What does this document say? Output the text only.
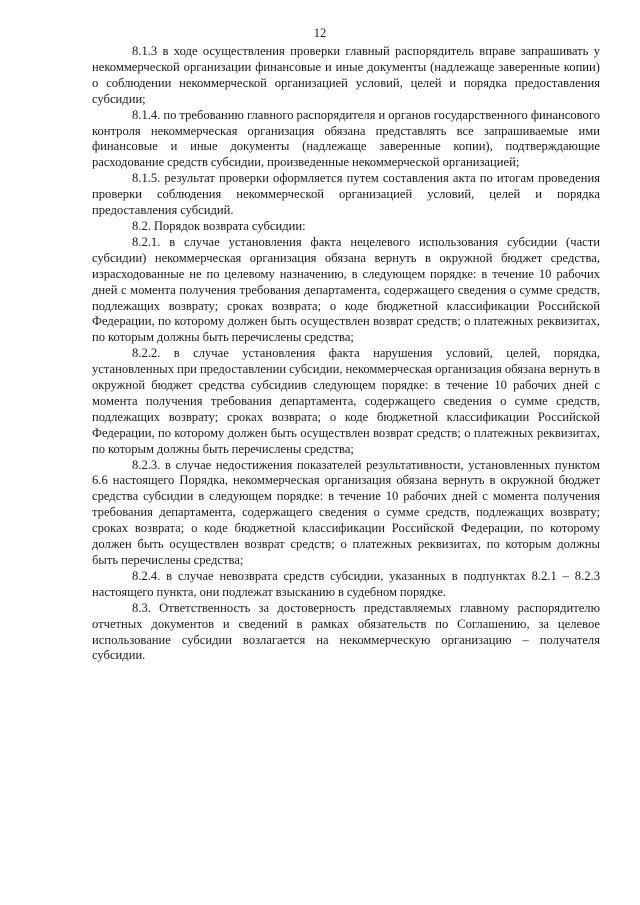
12

8.1.3 в ходе осуществления проверки главный распорядитель вправе запрашивать у некоммерческой организации финансовые и иные документы (надлежаще заверенные копии) о соблюдении некоммерческой организацией условий, целей и порядка предоставления субсидии;

8.1.4. по требованию главного распорядителя и органов государственного финансового контроля некоммерческая организация обязана представлять все запрашиваемые ими финансовые и иные документы (надлежаще заверенные копии), подтверждающие расходование средств субсидии, произведенные некоммерческой организацией;

8.1.5. результат проверки оформляется путем составления акта по итогам проведения проверки соблюдения некоммерческой организацией условий, целей и порядка предоставления субсидий.

8.2. Порядок возврата субсидии:

8.2.1. в случае установления факта нецелевого использования субсидии (части субсидии) некоммерческая организация обязана вернуть в окружной бюджет средства, израсходованные не по целевому назначению, в следующем порядке: в течение 10 рабочих дней с момента получения требования департамента, содержащего сведения о сумме средств, подлежащих возврату; сроках возврата; о коде бюджетной классификации Российской Федерации, по которому должен быть осуществлен возврат средств; о платежных реквизитах, по которым должны быть перечислены средства;

8.2.2. в случае установления факта нарушения условий, целей, порядка, установленных при предоставлении субсидии, некоммерческая организация обязана вернуть в окружной бюджет средства субсидиив следующем порядке: в течение 10 рабочих дней с момента получения требования департамента, содержащего сведения о сумме средств, подлежащих возврату; сроках возврата; о коде бюджетной классификации Российской Федерации, по которому должен быть осуществлен возврат средств; о платежных реквизитах, по которым должны быть перечислены средства;

8.2.3. в случае недостижения показателей результативности, установленных пунктом 6.6 настоящего Порядка, некоммерческая организация обязана вернуть в окружной бюджет средства субсидии в следующем порядке: в течение 10 рабочих дней с момента получения требования департамента, содержащего сведения о сумме средств, подлежащих возврату; сроках возврата; о коде бюджетной классификации Российской Федерации, по которому должен быть осуществлен возврат средств; о платежных реквизитах, по которым должны быть перечислены средства;

8.2.4. в случае невозврата средств субсидии, указанных в подпунктах 8.2.1 – 8.2.3 настоящего пункта, они подлежат взысканию в судебном порядке.

8.3. Ответственность за достоверность представляемых главному распорядителю отчетных документов и сведений в рамках обязательств по Соглашению, за целевое использование субсидии возлагается на некоммерческую организацию – получателя субсидии.
